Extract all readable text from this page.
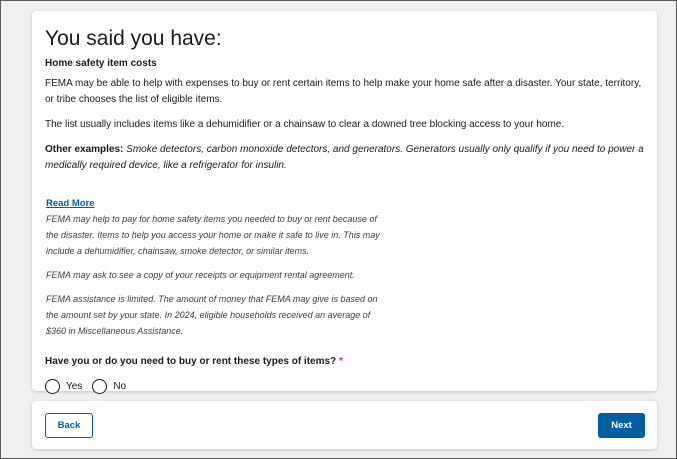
You said you have:
Home safety item costs

FEMA may be able to help with expenses to buy or rent certain items to help make your home safe after a disaster. Your state, territory, or tribe chooses the list of eligible items.

The list usually includes items like a dehumidifier or a chainsaw to clear a downed tree blocking access to your home.

Other examples: Smoke detectors, carbon monoxide detectors, and generators. Generators usually only qualify if you need to power a medically required device, like a refrigerator for insulin.

Read More

FEMA may help to pay for home safety items you needed to buy or rent because of the disaster. Items to help you access your home or make it safe to live in. This may include a dehumidifier, chainsaw, smoke detector, or similar items.

FEMA may ask to see a copy of your receipts or equipment rental agreement.

FEMA assistance is limited. The amount of money that FEMA may give is based on the amount set by your state. In 2024, eligible households received an average of $360 in Miscellaneous Assistance.

Have you or do you need to buy or rent these types of items? *
Yes	No
Back	Next
